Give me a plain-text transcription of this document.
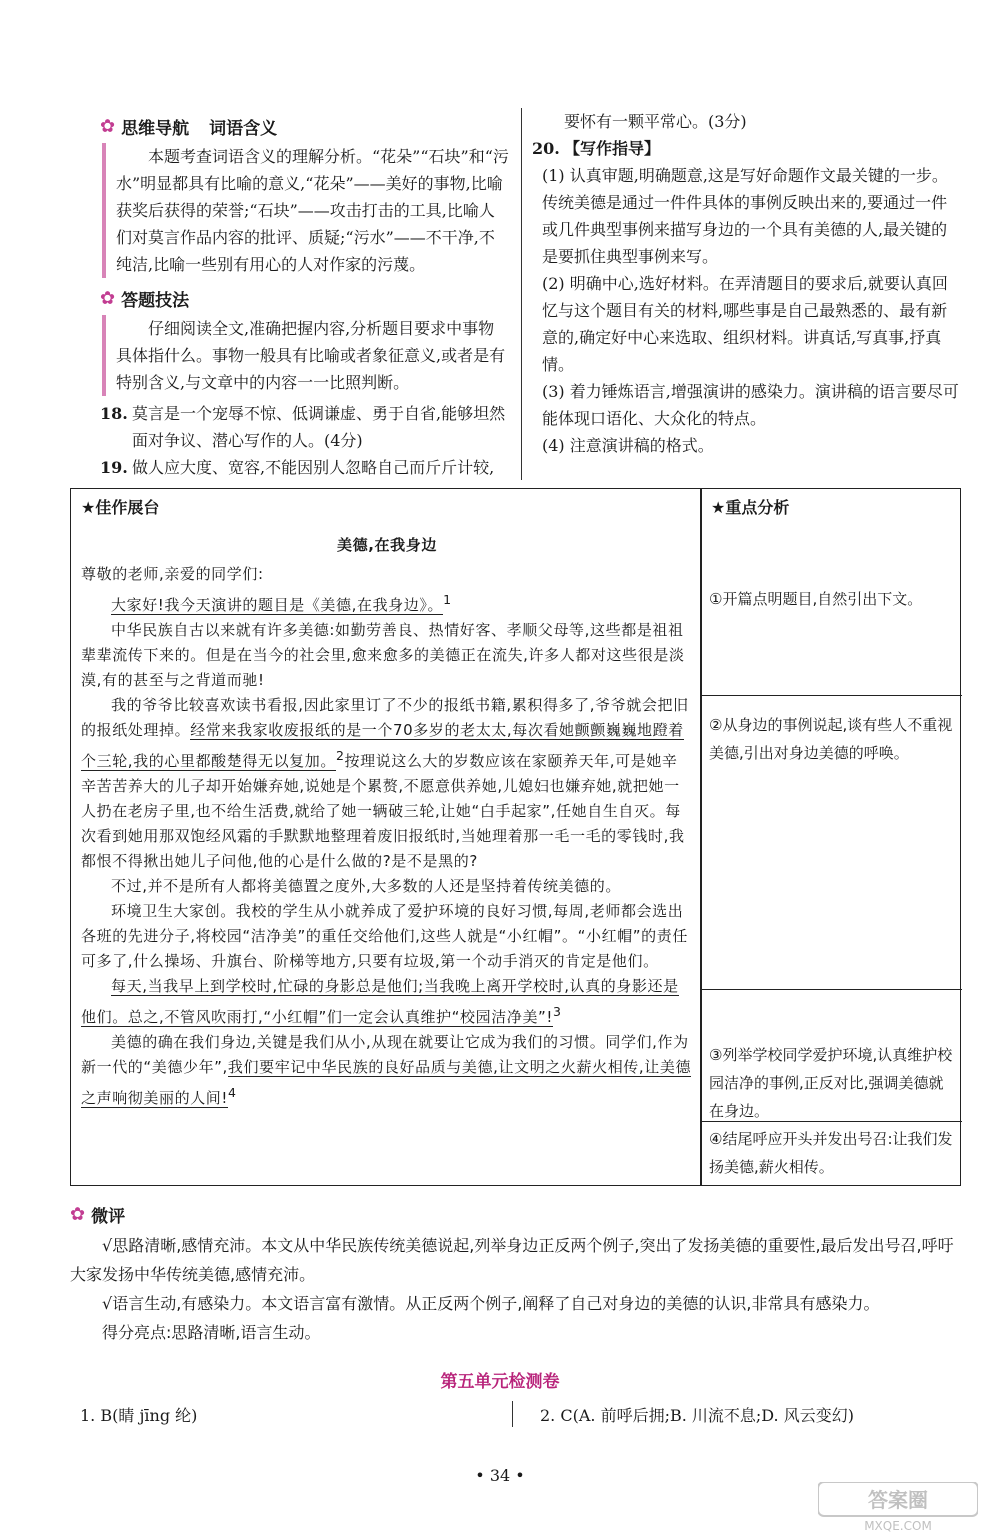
✿ 思维导航 词语含义

本题考查词语含义的理解分析。“花朵”“石块”和“污水”明显都具有比喻的意义,“花朵”——美好的事物,比喻获奖后获得的荣誉;“石块”——攻击打击的工具,比喻人们对莫言作品内容的批评、质疑;“污水”——不干净,不纯洁,比喻一些别有用心的人对作家的污蔑。

✿ 答题技法

仔细阅读全文,准确把握内容,分析题目要求中事物具体指什么。事物一般具有比喻或者象征意义,或者是有特别含义,与文章中的内容一一比照判断。

18. 莫言是一个宠辱不惊、低调谦虚、勇于自省,能够坦然面对争议、潜心写作的人。(4分)
19. 做人应大度、宽容,不能因别人忽略自己而斤斤计较,
要怀有一颗平常心。(3分)
20. 【写作指导】

(1) 认真审题,明确题意,这是写好命题作文最关键的一步。传统美德是通过一件件具体的事例反映出来的,要通过一件或几件典型事例来描写身边的一个具有美德的人,最关键的是要抓住典型事例来写。

(2) 明确中心,选好材料。在弄清题目的要求后,就要认真回忆与这个题目有关的材料,哪些事是自己最熟悉的、最有新意的,确定好中心来选取、组织材料。讲真话,写真事,抒真情。

(3) 着力锤炼语言,增强演讲的感染力。演讲稿的语言要尽可能体现口语化、大众化的特点。

(4) 注意演讲稿的格式。

★佳作展台	★重点分析

美德,在我身边

尊敬的老师,亲爱的同学们:

大家好!我今天演讲的题目是《美德,在我身边》。$^1$

中华民族自古以来就有许多美德:如勤劳善良、热情好客、孝顺父母等,这些都是祖祖辈辈流传下来的。但是在当今的社会里,愈来愈多的美德正在流失,许多人都对这些很是淡漠,有的甚至与之背道而驰!

我的爷爷比较喜欢读书看报,因此家里订了不少的报纸书籍,累积得多了,爷爷就会把旧的报纸处理掉。经常来我家收废报纸的是一个70多岁的老太太,每次看她颤颤巍巍地蹬着个三轮,我的心里都酸楚得无以复加。$^2$按理说这么大的岁数应该在家颐养天年,可是她辛辛苦苦养大的儿子却开始嫌弃她,说她是个累赘,不愿意供养她,儿媳妇也嫌弃她,就把她一人扔在老房子里,也不给生活费,就给了她一辆破三轮,让她“白手起家”,任她自生自灭。每次看到她用那双饱经风霜的手默默地整理着废旧报纸时,当她理着那一毛一毛的零钱时,我都恨不得揪出她儿子问他,他的心是什么做的?是不是黑的?

不过,并不是所有人都将美德置之度外,大多数的人还是坚持着传统美德的。

环境卫生大家创。我校的学生从小就养成了爱护环境的良好习惯,每周,老师都会选出各班的先进分子,将校园“洁净美”的重任交给他们,这些人就是“小红帽”。“小红帽”的责任可多了,什么操场、升旗台、阶梯等地方,只要有垃圾,第一个动手消灭的肯定是他们。

每天,当我早上到学校时,忙碌的身影总是他们;当我晚上离开学校时,认真的身影还是他们。总之,不管风吹雨打,“小红帽”们一定会认真维护“校园洁净美”!$^3$

美德的确在我们身边,关键是我们从小,从现在就要让它成为我们的习惯。同学们,作为新一代的“美德少年”,我们要牢记中华民族的良好品质与美德,让文明之火薪火相传,让美德之声响彻美丽的人间!$^4$

①开篇点明题目,自然引出下文。
②从身边的事例说起,谈有些人不重视美德,引出对身边美德的呼唤。
③列举学校同学爱护环境,认真维护校园洁净的事例,正反对比,强调美德就在身边。
④结尾呼应开头并发出号召:让我们发扬美德,薪火相传。
✿ 微评

√思路清晰,感情充沛。本文从中华民族传统美德说起,列举身边正反两个例子,突出了发扬美德的重要性,最后发出号召,呼吁大家发扬中华传统美德,感情充沛。

√语言生动,有感染力。本文语言富有激情。从正反两个例子,阐释了自己对身边的美德的认识,非常具有感染力。

得分亮点:思路清晰,语言生动。

第五单元检测卷
1. B(睛 jīng 纶)	2. C(A. 前呼后拥;B. 川流不息;D. 风云变幻)
• 34 •
答案圈
MXQE.COM
